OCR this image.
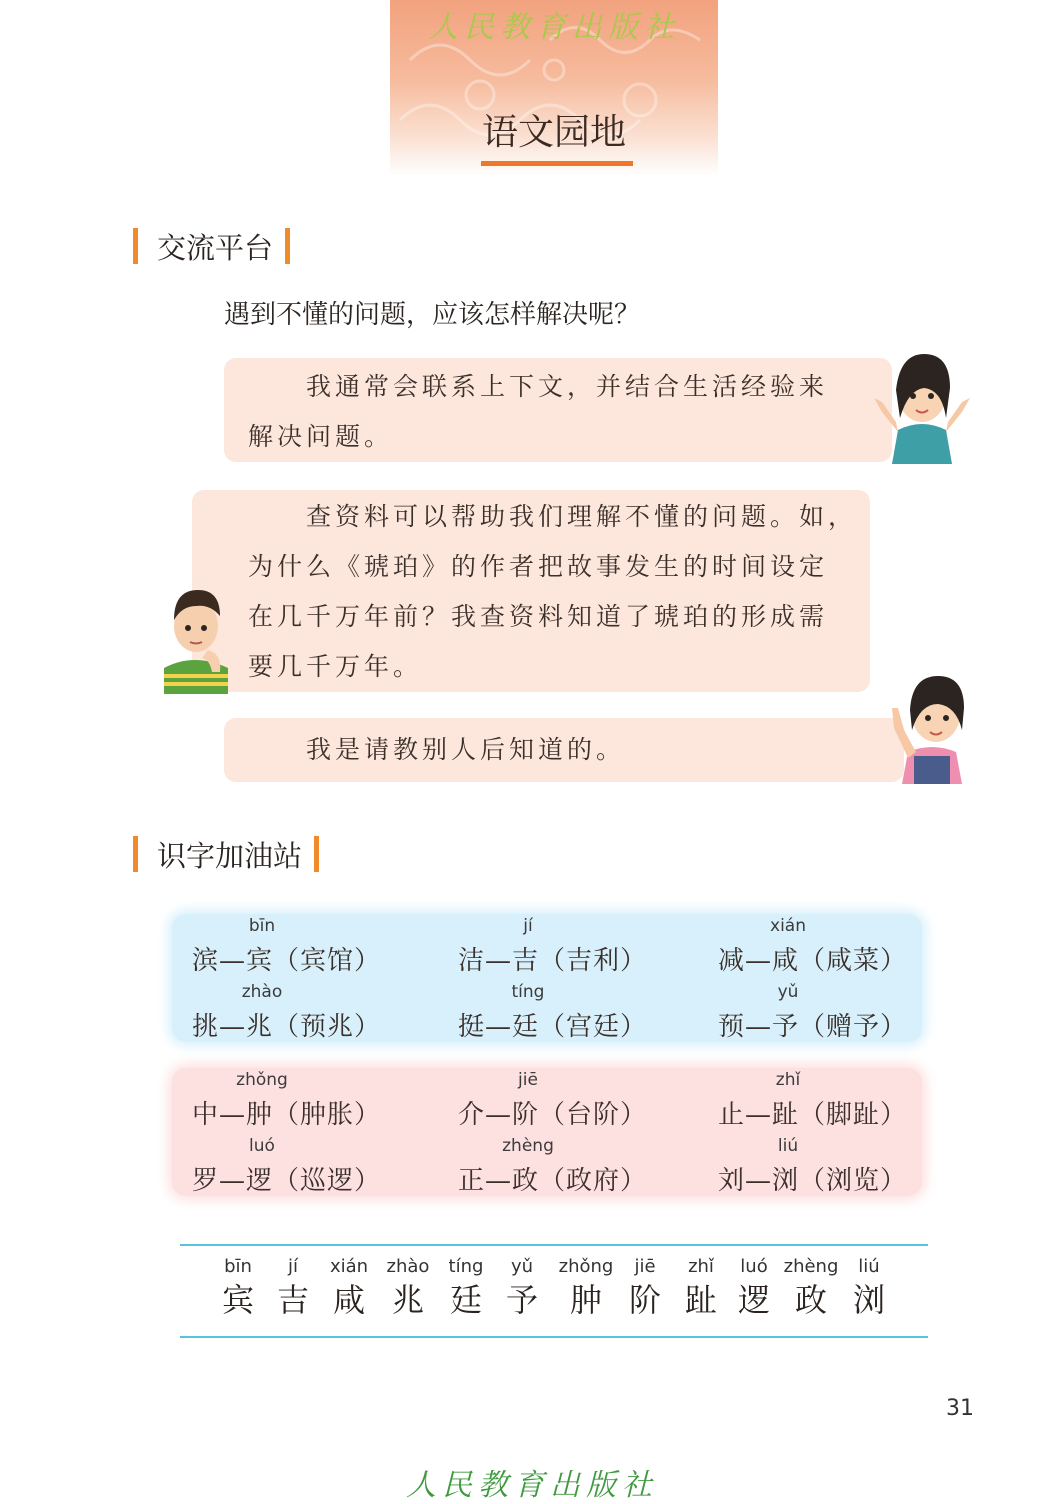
人民教育出版社
语文园地
交流平台
遇到不懂的问题，应该怎样解决呢？

　　我通常会联系上下文，并结合生活经验来

解决问题。

　　查资料可以帮助我们理解不懂的问题。如，

为什么《琥珀》的作者把故事发生的时间设定

在几千万年前？我查资料知道了琥珀的形成需

要几千万年。

　　我是请教别人后知道的。

识字加油站
bīn
滨—宾（宾馆）
jí
洁—吉（吉利）
xián
减—咸（咸菜）
zhào
挑—兆（预兆）
tíng
挺—廷（宫廷）
yǔ
预—予（赠予）
zhǒng
中—肿（肿胀）
jiē
介—阶（台阶）
zhǐ
止—趾（脚趾）
luó
罗—逻（巡逻）
zhèng
正—政（政府）
liú
刘—浏（浏览）
bīn
宾
jí
吉
xián
咸
zhào
兆
tíng
廷
yǔ
予
zhǒng
肿
jiē
阶
zhǐ
趾
luó
逻
zhèng
政
liú
浏
31
人民教育出版社
